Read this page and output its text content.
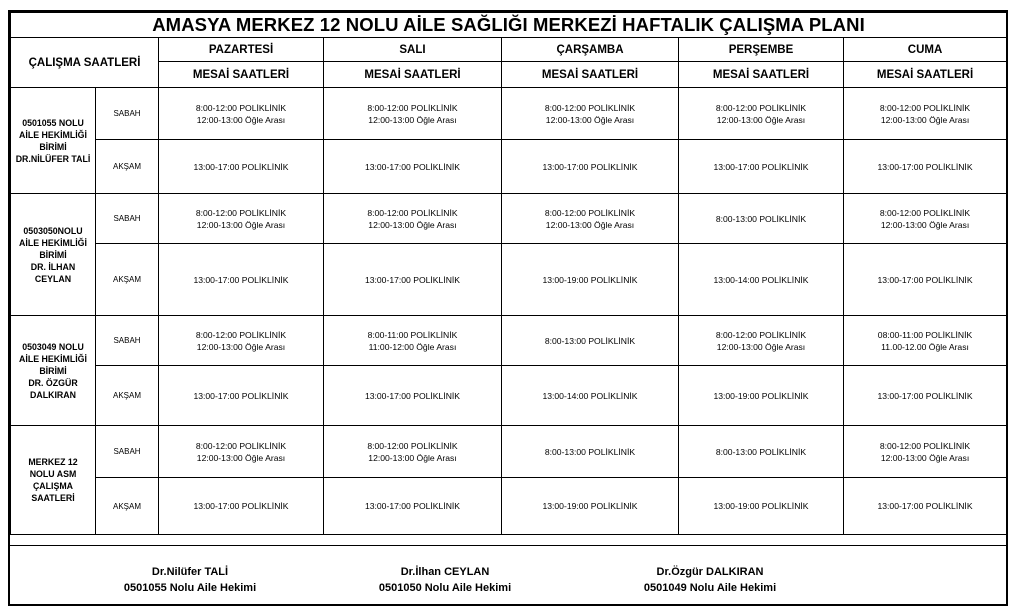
AMASYA MERKEZ 12 NOLU AİLE SAĞLIĞI MERKEZİ HAFTALIK ÇALIŞMA PLANI						
ÇALIŞMA SAATLERİ		PAZARTESİ	SALI	ÇARŞAMBA	PERŞEMBE	CUMA
		MESAİ SAATLERİ	MESAİ SAATLERİ	MESAİ SAATLERİ	MESAİ SAATLERİ	MESAİ SAATLERİ

0501055 NOLU
AİLE HEKİMLİĞİ
BİRİMİ
DR.NİLÜFER TALİ	SABAH	8:00-12:00 POLİKLİNİK
12:00-13:00 Öğle Arası	8:00-12:00 POLİKLİNİK
12:00-13:00 Öğle Arası	8:00-12:00 POLİKLİNİK
12:00-13:00 Öğle Arası	8:00-12:00 POLİKLİNİK
12:00-13:00 Öğle Arası	8:00-12:00 POLİKLİNİK
12:00-13:00 Öğle Arası

	AKŞAM	13:00-17:00 POLİKLİNİK	13:00-17:00 POLİKLİNİK	13:00-17:00 POLİKLİNİK	13:00-17:00 POLİKLİNİK	13:00-17:00 POLİKLİNİK

0503050NOLU
AİLE HEKİMLİĞİ
BİRİMİ
DR. İLHAN
CEYLAN	SABAH	8:00-12:00 POLİKLİNİK
12:00-13:00 Öğle Arası	8:00-12:00 POLİKLİNİK
12:00-13:00 Öğle Arası	8:00-12:00 POLİKLİNİK
12:00-13:00 Öğle Arası	8:00-13:00 POLİKLİNİK	8:00-12:00 POLİKLİNİK
12:00-13:00 Öğle Arası

	AKŞAM	13:00-17:00 POLİKLİNİK	13:00-17:00 POLİKLİNİK	13:00-19:00 POLİKLİNİK	13:00-14:00 POLİKLİNİK	13:00-17:00 POLİKLİNİK

0503049 NOLU
AİLE HEKİMLİĞİ
BİRİMİ
DR. ÖZGÜR
DALKIRAN	SABAH	8:00-12:00 POLİKLİNİK
12:00-13:00 Öğle Arası	8:00-11:00 POLİKLİNİK
11:00-12:00 Öğle Arası	8:00-13:00 POLİKLİNİK	8:00-12:00 POLİKLİNİK
12:00-13:00 Öğle Arası	08:00-11:00 POLİKLİNİK
11.00-12.00 Öğle Arası

	AKŞAM	13:00-17:00 POLİKLİNİK	13:00-17:00 POLİKLİNİK	13:00-14:00 POLİKLİNİK	13:00-19:00 POLİKLİNİK	13:00-17:00 POLİKLİNİK

MERKEZ 12
NOLU ASM
ÇALIŞMA
SAATLERİ	SABAH	8:00-12:00 POLİKLİNİK
12:00-13:00 Öğle Arası	8:00-12:00 POLİKLİNİK
12:00-13:00 Öğle Arası	8:00-13:00 POLİKLİNİK	8:00-13:00 POLİKLİNİK	8:00-12:00 POLİKLİNİK
12:00-13:00 Öğle Arası

	AKŞAM	13:00-17:00 POLİKLİNİK	13:00-17:00 POLİKLİNİK	13:00-19:00 POLİKLİNİK	13:00-19:00 POLİKLİNİK	13:00-17:00 POLİKLİNİK
Dr.Nilüfer TALİ
0501055 Nolu Aile Hekimi
Dr.İlhan CEYLAN
0501050 Nolu Aile Hekimi
Dr.Özgür DALKIRAN
0501049 Nolu Aile Hekimi
